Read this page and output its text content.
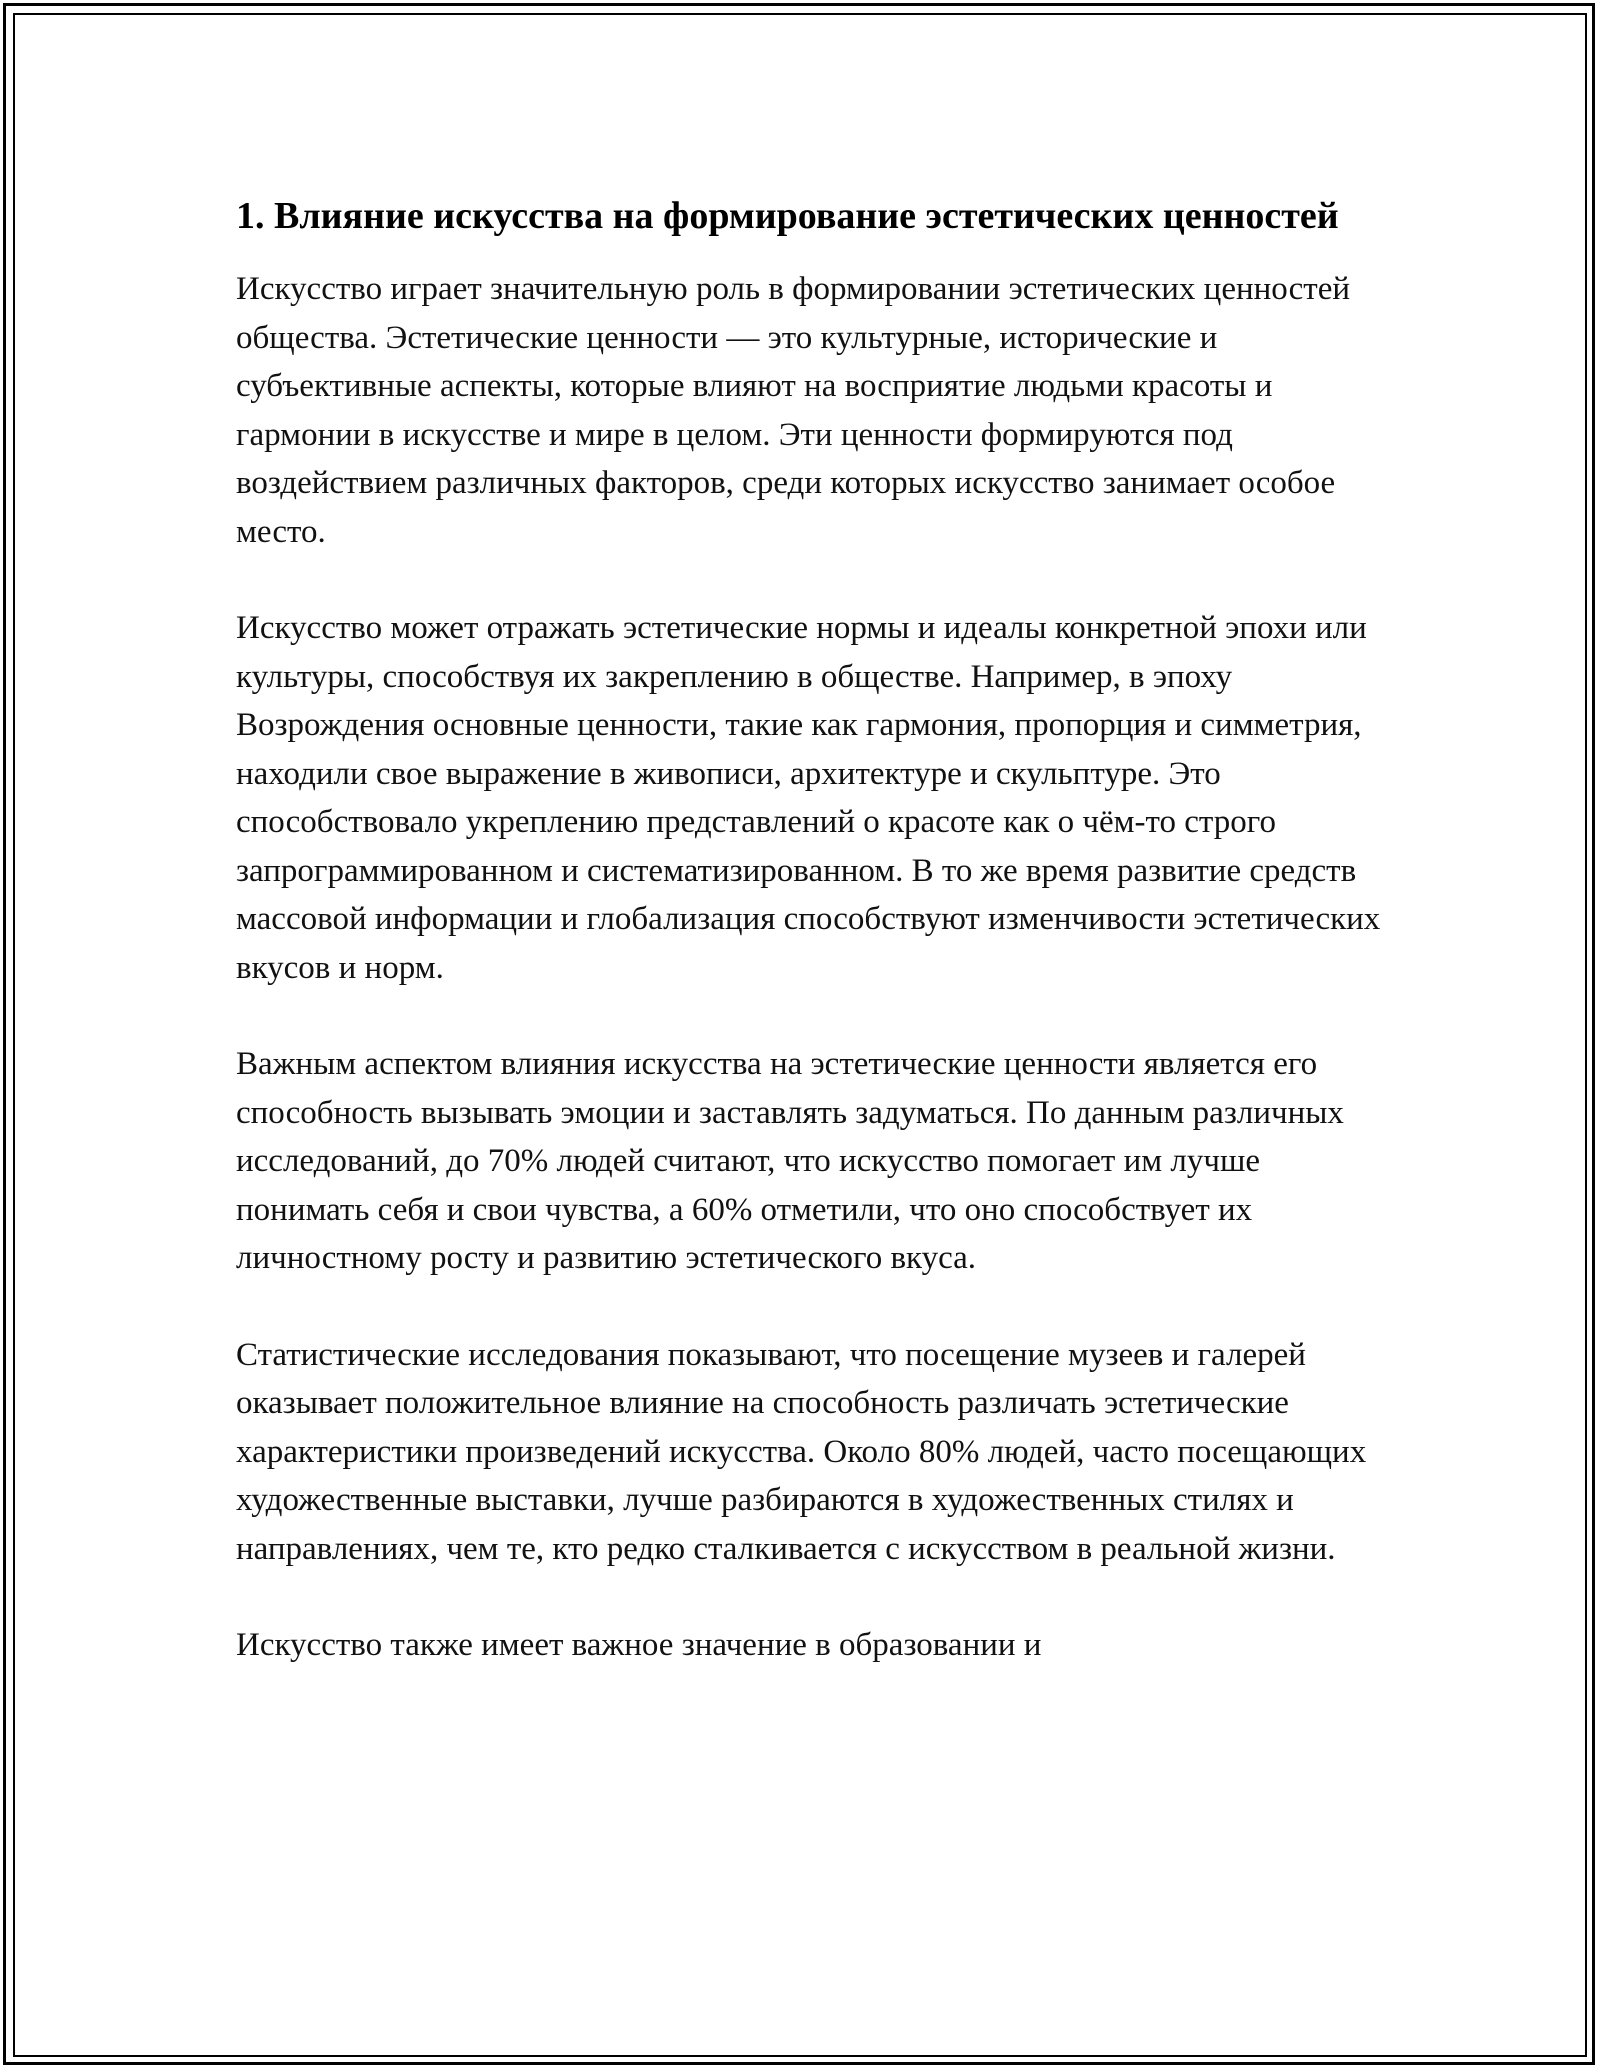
1. Влияние искусства на формирование эстетических ценностей

Искусство играет значительную роль в формировании эстетических ценностей общества. Эстетические ценности — это культурные, исторические и субъективные аспекты, которые влияют на восприятие людьми красоты и гармонии в искусстве и мире в целом. Эти ценности формируются под воздействием различных факторов, среди которых искусство занимает особое место.

Искусство может отражать эстетические нормы и идеалы конкретной эпохи или культуры, способствуя их закреплению в обществе. Например, в эпоху Возрождения основные ценности, такие как гармония, пропорция и симметрия, находили свое выражение в живописи, архитектуре и скульптуре. Это способствовало укреплению представлений о красоте как о чём-то строго запрограммированном и систематизированном. В то же время развитие средств массовой информации и глобализация способствуют изменчивости эстетических вкусов и норм.

Важным аспектом влияния искусства на эстетические ценности является его способность вызывать эмоции и заставлять задуматься. По данным различных исследований, до 70% людей считают, что искусство помогает им лучше понимать себя и свои чувства, а 60% отметили, что оно способствует их личностному росту и развитию эстетического вкуса.

Статистические исследования показывают, что посещение музеев и галерей оказывает положительное влияние на способность различать эстетические характеристики произведений искусства. Около 80% людей, часто посещающих художественные выставки, лучше разбираются в художественных стилях и направлениях, чем те, кто редко сталкивается с искусством в реальной жизни.

Искусство также имеет важное значение в образовании и
